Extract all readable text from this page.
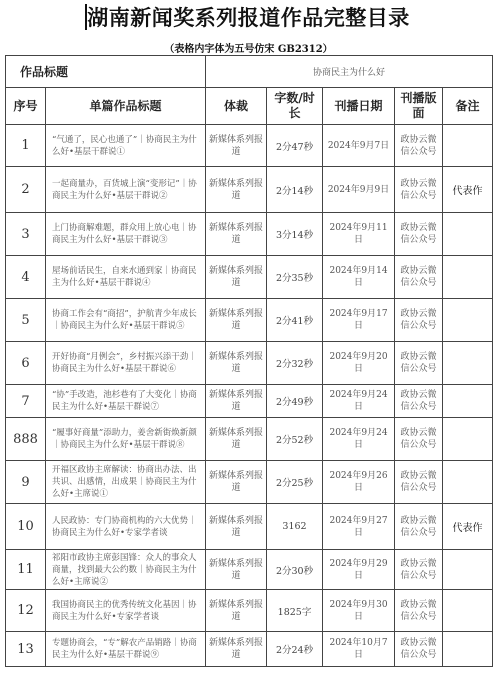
湖南新闻奖系列报道作品完整目录
（表格内字体为五号仿宋 GB2312）
作品标题		协商民主为什么好				
序号	单篇作品标题	体裁	字数/时长	刊播日期	刊播版面	备注
1	“气通了，民心也通了”｜协商民主为什么好•基层干群说①	新媒体系列报道	2分47秒	2024年9月7日	政协云微信公众号	
2	一起商量办，百货城上演“变形记”｜协商民主为什么好•基层干群说②	新媒体系列报道	2分14秒	2024年9月9日	政协云微信公众号	代表作
3	上门协商解难题，群众用上放心电｜协商民主为什么好•基层干群说③	新媒体系列报道	3分14秒	2024年9月11日	政协云微信公众号	
4	屋场前话民生，自来水通到家｜协商民主为什么好•基层干群说④	新媒体系列报道	2分35秒	2024年9月14日	政协云微信公众号	
5	协商工作会有“商招”，护航青少年成长｜协商民主为什么好•基层干群说⑤	新媒体系列报道	2分41秒	2024年9月17日	政协云微信公众号	
6	开好协商“月例会”，乡村振兴添干劲｜协商民主为什么好•基层干群说⑥	新媒体系列报道	2分32秒	2024年9月20日	政协云微信公众号	
7	“协”手改造，池杉巷有了大变化｜协商民主为什么好•基层干群说⑦	新媒体系列报道	2分49秒	2024年9月24日	政协云微信公众号	
888	“履事好商量”添助力，姜舍新街焕新颜｜协商民主为什么好•基层干群说⑧	新媒体系列报道	2分52秒	2024年9月24日	政协云微信公众号	
9	开福区政协主席解读：协商出办法、出共识、出感情，出成果｜协商民主为什么好•主席说①	新媒体系列报道	2分25秒	2024年9月26日	政协云微信公众号	
10	人民政协：专门协商机构的六大优势｜协商民主为什么好•专家学者谈	新媒体系列报道	3162	2024年9月27日	政协云微信公众号	代表作
11	祁阳市政协主席彭国锋：众人的事众人商量，找到最大公约数｜协商民主为什么好•主席说②	新媒体系列报道	2分30秒	2024年9月29日	政协云微信公众号	
12	我国协商民主的优秀传统文化基因｜协商民主为什么好•专家学者谈	新媒体系列报道	1825字	2024年9月30日	政协云微信公众号	
13	专题协商会，“专”解农产品销路｜协商民主为什么好•基层干群说⑨	新媒体系列报道	2分24秒	2024年10月7日	政协云微信公众号	
